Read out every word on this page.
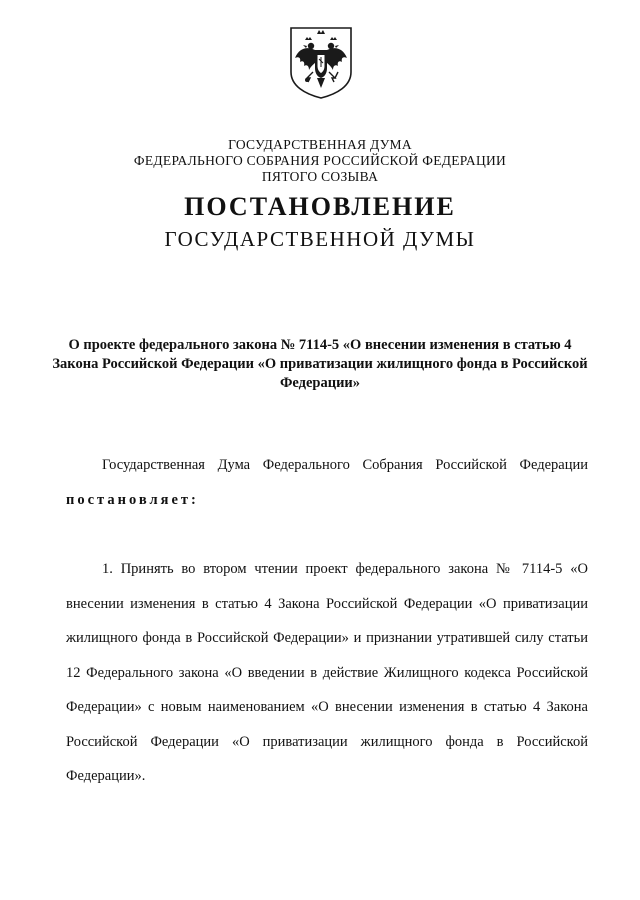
ГОСУДАРСТВЕННАЯ ДУМА
ФЕДЕРАЛЬНОГО СОБРАНИЯ РОССИЙСКОЙ ФЕДЕРАЦИИ
ПЯТОГО СОЗЫВА
ПОСТАНОВЛЕНИЕ
ГОСУДАРСТВЕННОЙ ДУМЫ
О проекте федерального закона № 7114-5 «О внесении изменения в статью 4 Закона Российской Федерации «О приватизации жилищного фонда в Российской Федерации»
Государственная Дума Федерального Собрания Российской Федерации постановляет:
1. Принять во втором чтении проект федерального закона № 7114-5 «О внесении изменения в статью 4 Закона Российской Федерации «О приватизации жилищного фонда в Российской Федерации» и признании утратившей силу статьи 12 Федерального закона «О введении в действие Жилищного кодекса Российской Федерации» с новым наименованием «О внесении изменения в статью 4 Закона Российской Федерации «О приватизации жилищного фонда в Российской Федерации».
